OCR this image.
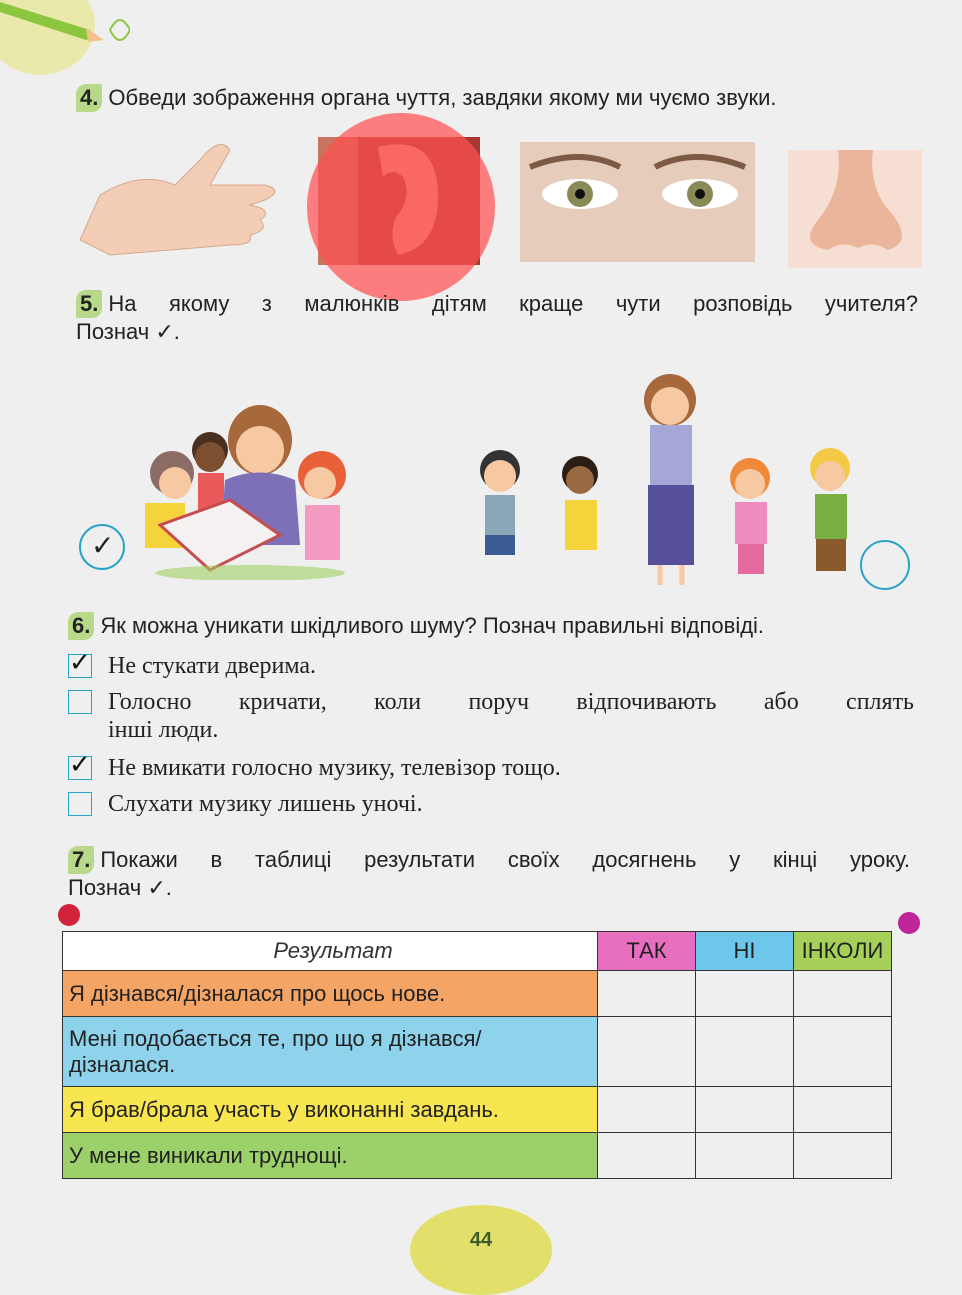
4. Обведи зображення органа чуття, завдяки якому ми чуємо звуки.
5. На якому з малюнків дітям краще чути розповідь учителя?
Познач ✓.
✓
6. Як можна уникати шкідливого шуму? Познач правильні відповіді.
✓ Не стукати дверима.
Голосно кричати, коли поруч відпочивають або сплять
інші люди.
✓ Не вмикати голосно музику, телевізор тощо.
Слухати музику лишень уночі.
7. Покажи в таблиці результати своїх досягнень у кінці уроку.
Познач ✓.
Результат	ТАК	НІ	ІНКОЛИ
Я дізнався/дізналася про щось нове.			

Мені подобається те, про що я дізнався/
дізналася.			

Я брав/брала участь у виконанні завдань.			
У мене виникали труднощі.			
44
